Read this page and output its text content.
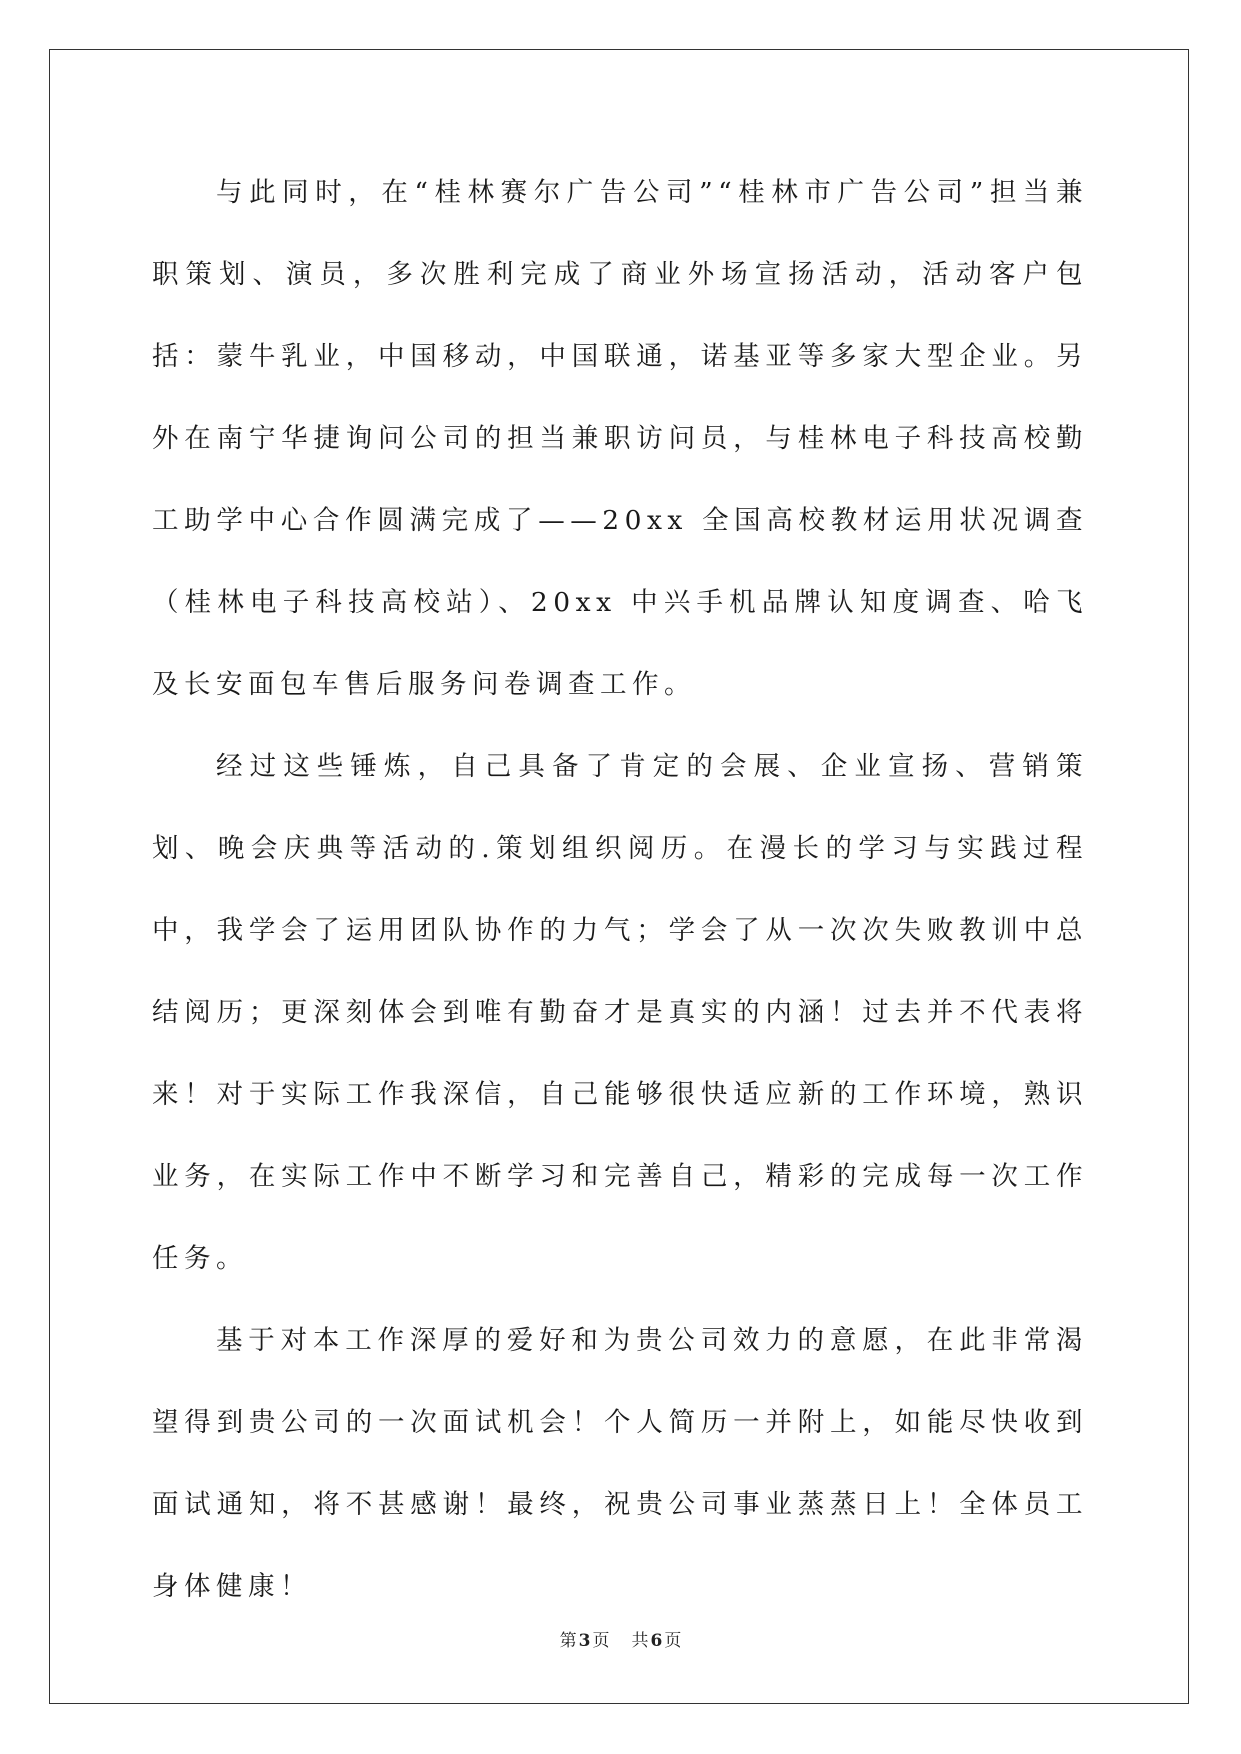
与此同时，在“桂林赛尔广告公司”“桂林市广告公司”担当兼职策划、演员，多次胜利完成了商业外场宣扬活动，活动客户包括：蒙牛乳业，中国移动，中国联通，诺基亚等多家大型企业。另外在南宁华捷询问公司的担当兼职访问员，与桂林电子科技高校勤工助学中心合作圆满完成了——20xx 全国高校教材运用状况调查（桂林电子科技高校站）、20xx 中兴手机品牌认知度调查、哈飞及长安面包车售后服务问卷调查工作。

经过这些锤炼，自己具备了肯定的会展、企业宣扬、营销策划、晚会庆典等活动的.策划组织阅历。在漫长的学习与实践过程中，我学会了运用团队协作的力气；学会了从一次次失败教训中总结阅历；更深刻体会到唯有勤奋才是真实的内涵！过去并不代表将来！对于实际工作我深信，自己能够很快适应新的工作环境，熟识业务，在实际工作中不断学习和完善自己，精彩的完成每一次工作任务。

基于对本工作深厚的爱好和为贵公司效力的意愿，在此非常渴望得到贵公司的一次面试机会！个人简历一并附上，如能尽快收到面试通知，将不甚感谢！最终，祝贵公司事业蒸蒸日上！全体员工身体健康！

第 3 页 共 6 页
